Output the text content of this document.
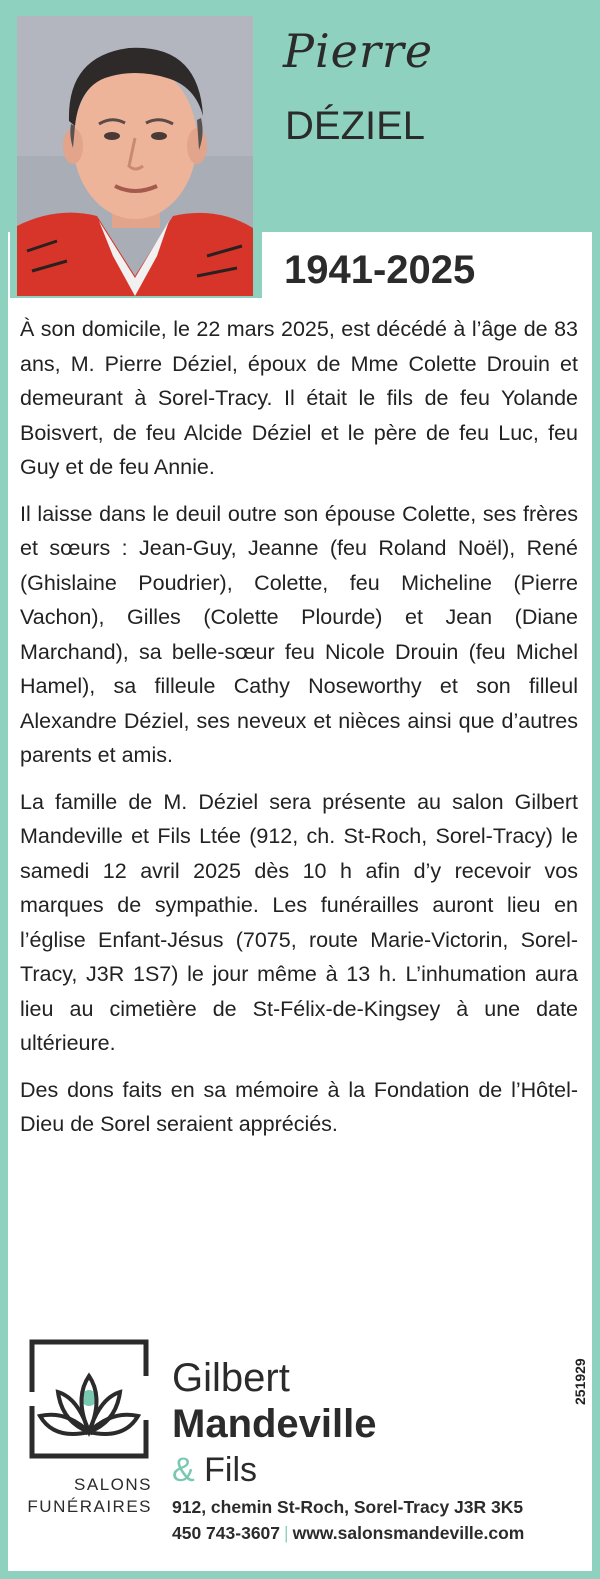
Pierre
DÉZIEL
1941-2025

À son domicile, le 22 mars 2025, est décédé à l’âge de 83 ans, M. Pierre Déziel, époux de Mme Colette Drouin et demeurant à Sorel-Tracy. Il était le fils de feu Yolande Boisvert, de feu Alcide Déziel et le père de feu Luc, feu Guy et de feu Annie.

Il laisse dans le deuil outre son épouse Colette, ses frères et sœurs : Jean-Guy, Jeanne (feu Roland Noël), René (Ghislaine Poudrier), Colette, feu Micheline (Pierre Vachon), Gilles (Colette Plourde) et Jean (Diane Marchand), sa belle-sœur feu Nicole Drouin (feu Michel Hamel), sa filleule Cathy Noseworthy et son filleul Alexandre Déziel, ses neveux et nièces ainsi que d’autres parents et amis.

La famille de M. Déziel sera présente au salon Gilbert Mandeville et Fils Ltée (912, ch. St-Roch, Sorel-Tracy) le samedi 12 avril 2025 dès 10 h afin d’y recevoir vos marques de sympathie. Les funérailles auront lieu en l’église Enfant-Jésus (7075, route Marie-Victorin, Sorel-Tracy, J3R 1S7) le jour même à 13 h. L’inhumation aura lieu au cimetière de St-Félix-de-Kingsey à une date ultérieure.

Des dons faits en sa mémoire à la Fondation de l’Hôtel-Dieu de Sorel seraient appréciés.

Gilbert
Mandeville
& Fils
SALONS
FUNÉRAIRES 912, chemin St-Roch, Sorel-Tracy J3R 3K5
450 743-3607 | www.salonsmandeville.com
251929
